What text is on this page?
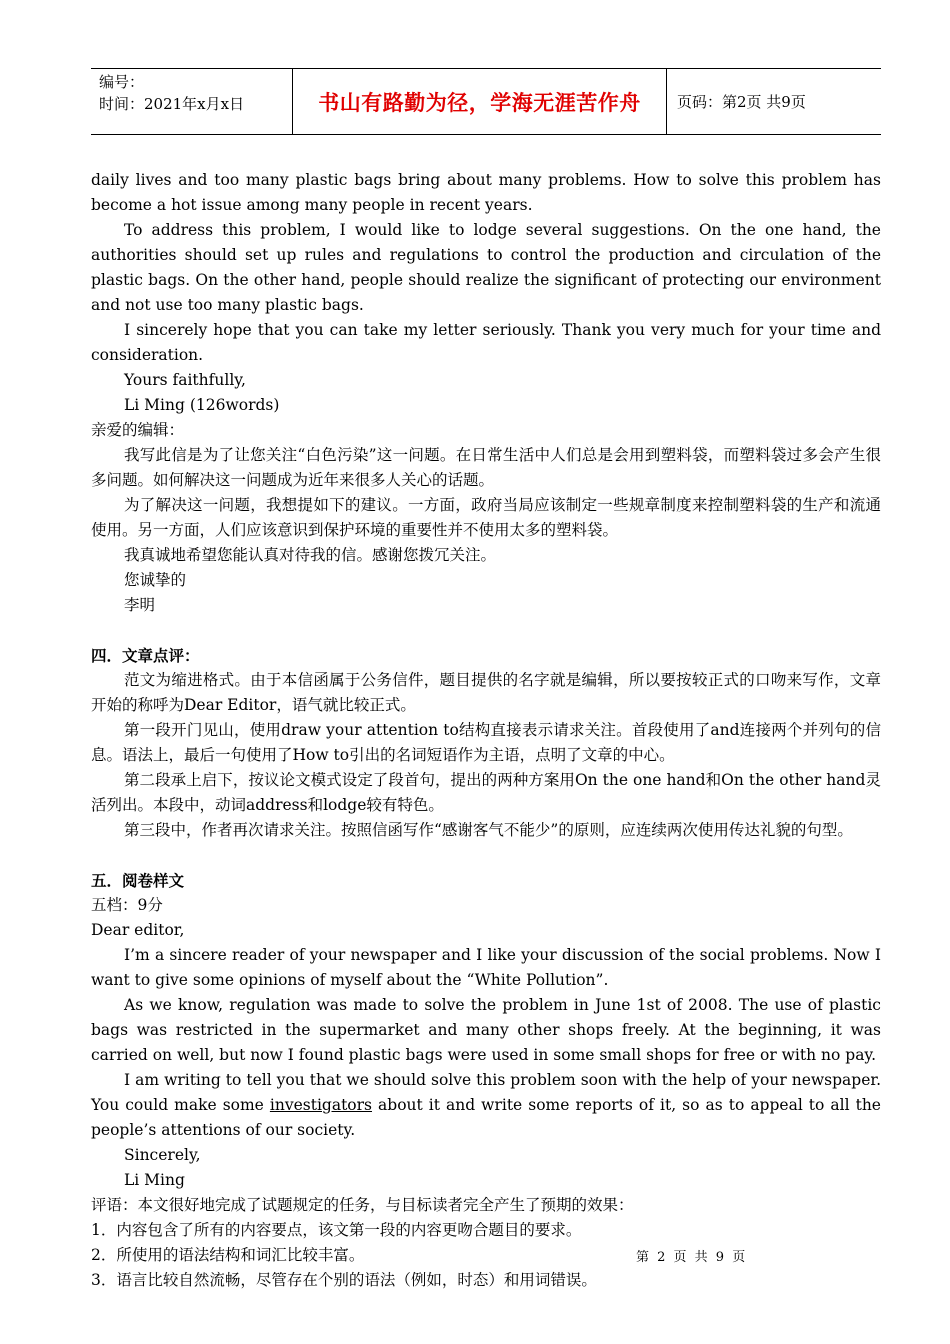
编号：
时间：2021年x月x日	书山有路勤为径，学海无涯苦作舟 页码：第2页 共9页

daily lives and too many plastic bags bring about many problems. How to solve this problem has become a hot issue among many people in recent years.

To address this problem, I would like to lodge several suggestions. On the one hand, the authorities should set up rules and regulations to control the production and circulation of the plastic bags. On the other hand, people should realize the significant of protecting our environment and not use too many plastic bags.

I sincerely hope that you can take my letter seriously. Thank you very much for your time and consideration.

Yours faithfully,

Li Ming (126words)

亲爱的编辑：

我写此信是为了让您关注“白色污染”这一问题。在日常生活中人们总是会用到塑料袋，而塑料袋过多会产生很多问题。如何解决这一问题成为近年来很多人关心的话题。

为了解决这一问题，我想提如下的建议。一方面，政府当局应该制定一些规章制度来控制塑料袋的生产和流通使用。另一方面，人们应该意识到保护环境的重要性并不使用太多的塑料袋。

我真诚地希望您能认真对待我的信。感谢您拨冗关注。

您诚挚的

李明

四．文章点评：

范文为缩进格式。由于本信函属于公务信件，题目提供的名字就是编辑，所以要按较正式的口吻来写作，文章开始的称呼为Dear Editor，语气就比较正式。

第一段开门见山，使用draw your attention to结构直接表示请求关注。首段使用了and连接两个并列句的信息。语法上，最后一句使用了How to引出的名词短语作为主语，点明了文章的中心。

第二段承上启下，按议论文模式设定了段首句，提出的两种方案用On the one hand和On the other hand灵活列出。本段中，动词address和lodge较有特色。

第三段中，作者再次请求关注。按照信函写作“感谢客气不能少”的原则，应连续两次使用传达礼貌的句型。

五．阅卷样文

五档：9分

Dear editor,

I’m a sincere reader of your newspaper and I like your discussion of the social problems. Now I want to give some opinions of myself about the “White Pollution”.

As we know, regulation was made to solve the problem in June 1st of 2008. The use of plastic bags was restricted in the supermarket and many other shops freely. At the beginning, it was carried on well, but now I found plastic bags were used in some small shops for free or with no pay.

I am writing to tell you that we should solve this problem soon with the help of your newspaper. You could make some investigators about it and write some reports of it, so as to appeal to all the people’s attentions of our society.

Sincerely,

Li Ming

评语：本文很好地完成了试题规定的任务，与目标读者完全产生了预期的效果：

1．内容包含了所有的内容要点，该文第一段的内容更吻合题目的要求。

2．所使用的语法结构和词汇比较丰富。

3．语言比较自然流畅，尽管存在个别的语法（例如，时态）和用词错误。

第 2 页 共 9 页
